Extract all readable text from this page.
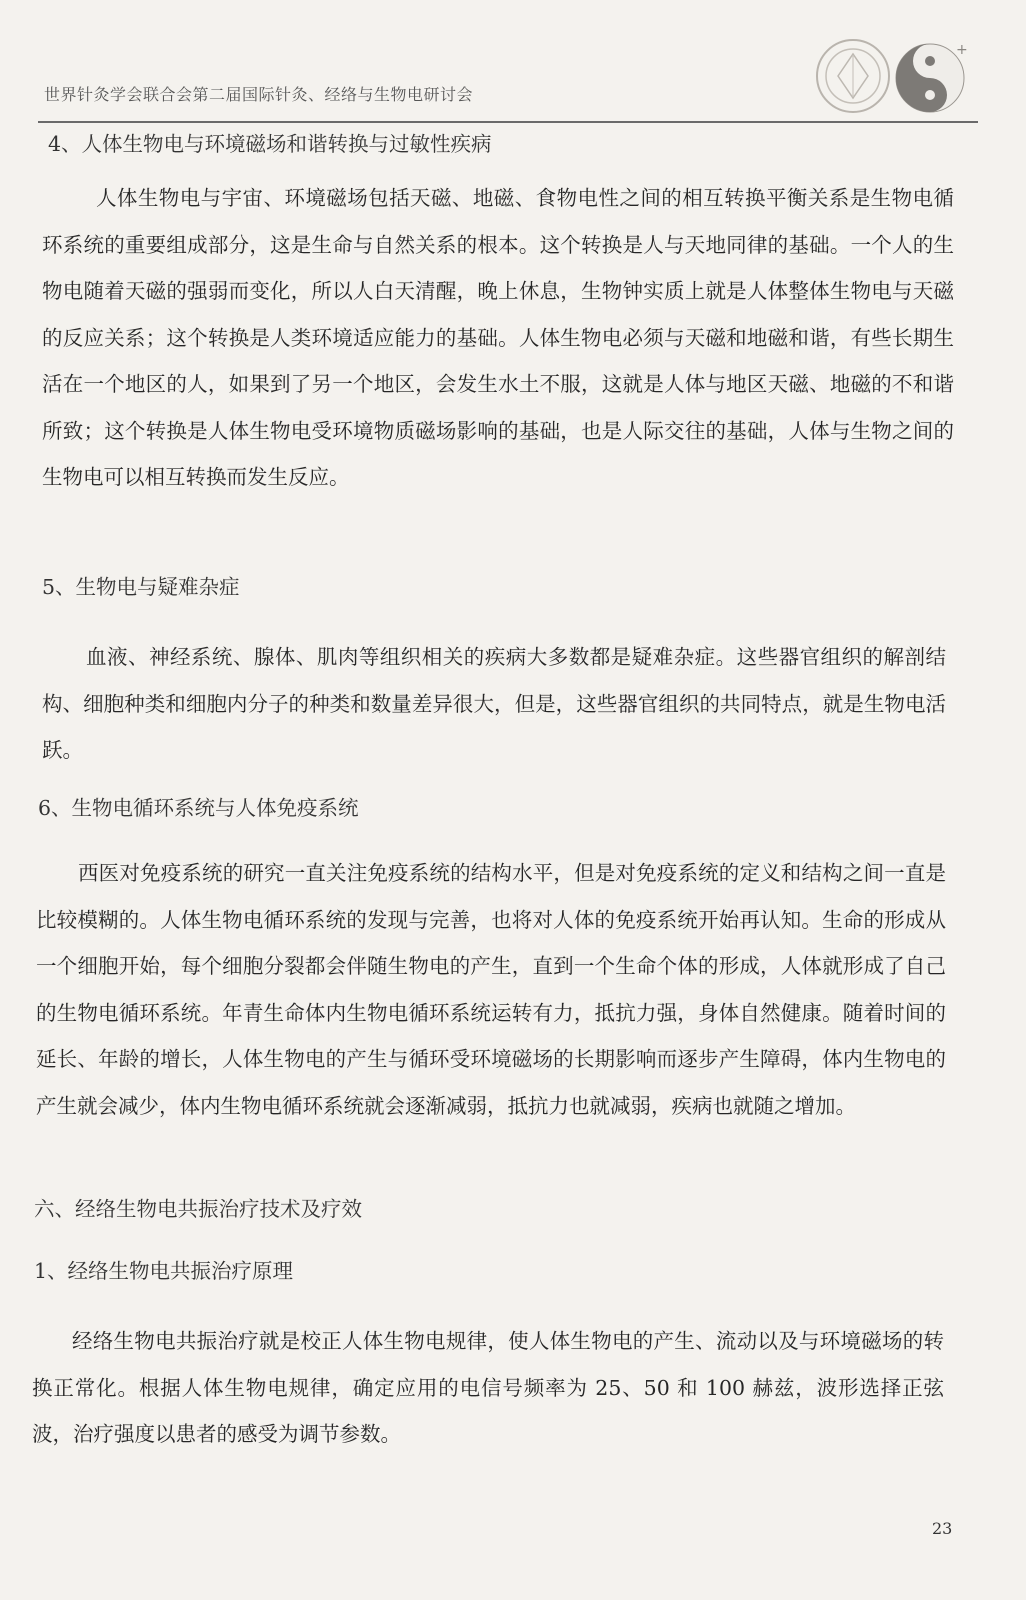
世界针灸学会联合会第二届国际针灸、经络与生物电研讨会
+
4、人体生物电与环境磁场和谐转换与过敏性疾病
人体生物电与宇宙、环境磁场包括天磁、地磁、食物电性之间的相互转换平衡关系是生物电循环系统的重要组成部分，这是生命与自然关系的根本。这个转换是人与天地同律的基础。一个人的生物电随着天磁的强弱而变化，所以人白天清醒，晚上休息，生物钟实质上就是人体整体生物电与天磁的反应关系；这个转换是人类环境适应能力的基础。人体生物电必须与天磁和地磁和谐，有些长期生活在一个地区的人，如果到了另一个地区，会发生水土不服，这就是人体与地区天磁、地磁的不和谐所致；这个转换是人体生物电受环境物质磁场影响的基础，也是人际交往的基础，人体与生物之间的生物电可以相互转换而发生反应。
5、生物电与疑难杂症
血液、神经系统、腺体、肌肉等组织相关的疾病大多数都是疑难杂症。这些器官组织的解剖结构、细胞种类和细胞内分子的种类和数量差异很大，但是，这些器官组织的共同特点，就是生物电活跃。
6、生物电循环系统与人体免疫系统
西医对免疫系统的研究一直关注免疫系统的结构水平，但是对免疫系统的定义和结构之间一直是比较模糊的。人体生物电循环系统的发现与完善，也将对人体的免疫系统开始再认知。生命的形成从一个细胞开始，每个细胞分裂都会伴随生物电的产生，直到一个生命个体的形成，人体就形成了自己的生物电循环系统。年青生命体内生物电循环系统运转有力，抵抗力强，身体自然健康。随着时间的延长、年龄的增长，人体生物电的产生与循环受环境磁场的长期影响而逐步产生障碍，体内生物电的产生就会减少，体内生物电循环系统就会逐渐减弱，抵抗力也就减弱，疾病也就随之增加。
六、经络生物电共振治疗技术及疗效
1、经络生物电共振治疗原理
经络生物电共振治疗就是校正人体生物电规律，使人体生物电的产生、流动以及与环境磁场的转换正常化。根据人体生物电规律，确定应用的电信号频率为 25、50 和 100 赫兹，波形选择正弦波，治疗强度以患者的感受为调节参数。
23
